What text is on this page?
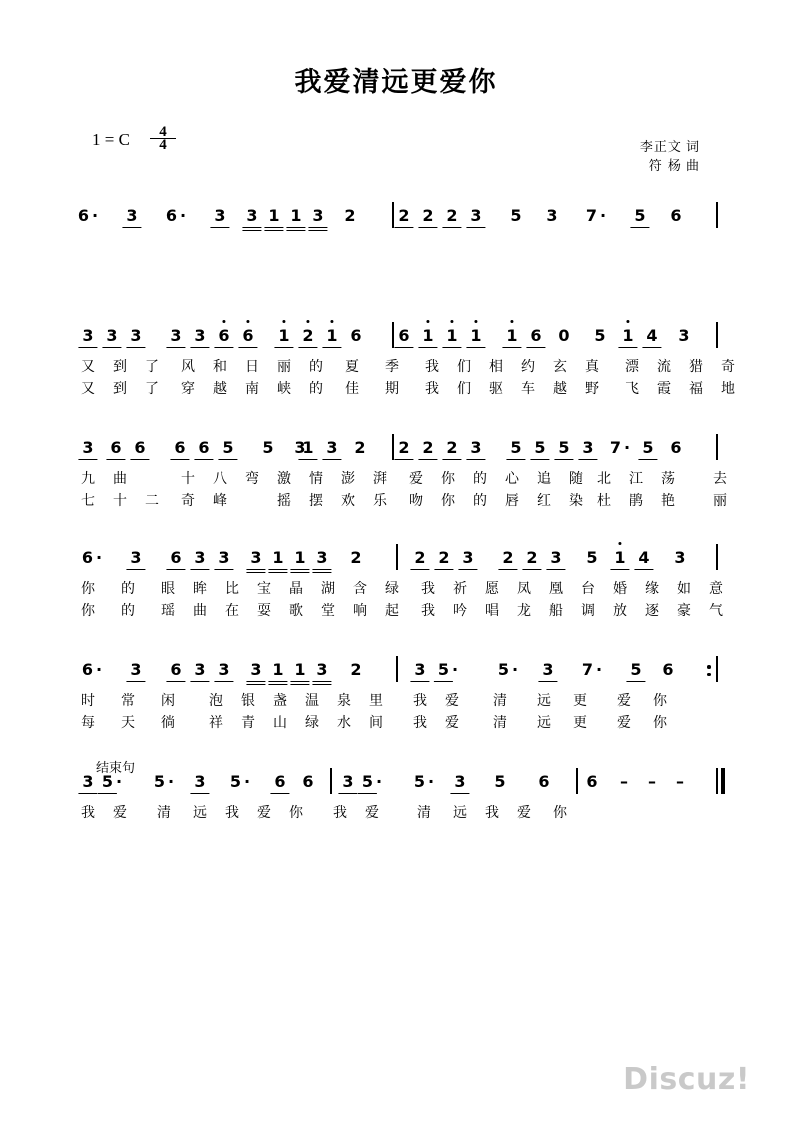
我爱清远更爱你
1 = C $\frac{4}{4}$	李正文 词
符 杨 曲
结束句
6 · 3 6 · 3 3 1 1 3 2	2 2 2 3 5 3 7 · 5 6
3 3 3 3 3 6 6 1 2 1 6 6 1 1 1 1 6 0 5 1 4 3
又 到 了 风 和 日 丽 的 夏 季 我 们 相 约 玄 真 漂 流 猎 奇
又 到 了 穿 越 南 峡 的 佳 期 我 们 驱 车 越 野 飞 霞 福 地
3 6 6 6 6 5 5 3
1 3 2 2 2 2 3 5 5 5 3 7 · 5 6
九 曲	十 八 弯 激 情 澎 湃 爱 你 的 心 追 随 北 江 荡	去
七 十 二 奇 峰	摇 摆 欢 乐 吻 你 的 唇 红 染 杜 鹃 艳	丽
6 · 3 6 3 3 3 1 1 3 2	2 2 3 2 2 3 5 1 4 3
你 的 眼 眸 比 宝 晶 湖 含 绿 我 祈 愿 凤 凰 台 婚 缘 如 意
你 的 瑶 曲 在 耍 歌 堂 响 起 我 吟 唱 龙 船 调 放 逐 豪 气
6 · 3 6 3 3 3 1 1 3 2	3 5 · 5 · 3 7 · 5 6
时 常 闲 泡 银 盏 温 泉 里 我 爱 清 远 更 爱 你
每 天 徜 祥 青 山 绿 水 间 我 爱 清 远 更 爱 你
3 5 · 5 · 3 5 · 6 6 3 5 · 5 · 3 5 6 6 – – –
我 爱 清 远 我 爱 你 我 爱	清 远 我 爱 你
Discuz!
